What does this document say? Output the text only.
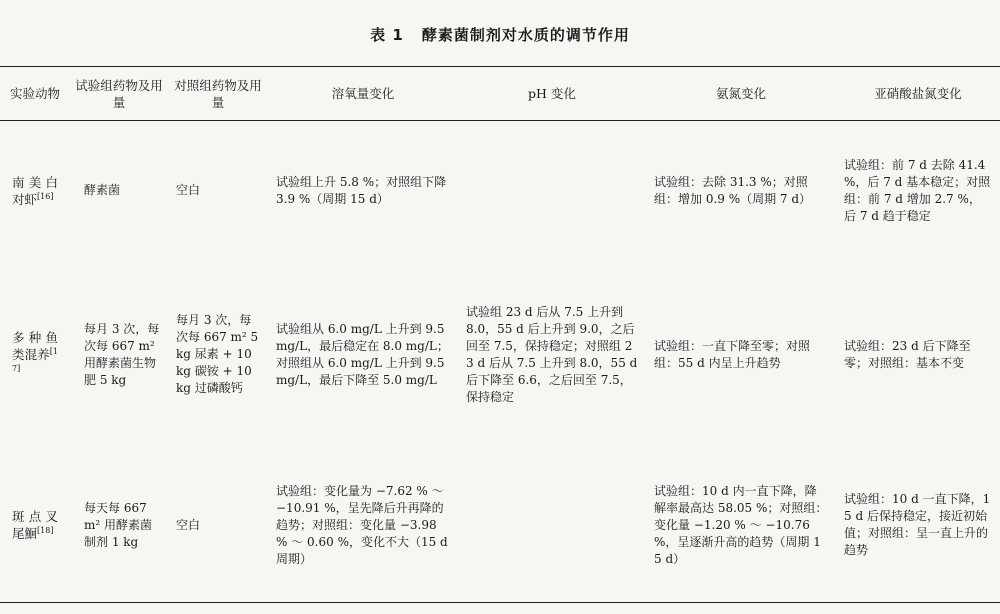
表 1 酵素菌制剂对水质的调节作用
实验动物	试验组药物及用量	对照组药物及用量	溶氧量变化	pH 变化	氨氮变化	亚硝酸盐氮变化
南美白对虾[16]	酵素菌	空白	试验组上升 5.8 %；对照组下降 3.9 %（周期 15 d）		试验组：去除 31.3 %；对照组：增加 0.9 %（周期 7 d）	试验组：前 7 d 去除 41.4 %，后 7 d 基本稳定；对照组：前 7 d 增加 2.7 %，后 7 d 趋于稳定
多种鱼类混养[17]	每月 3 次，每次每 667 m² 用酵素菌生物肥 5 kg	每月 3 次，每次每 667 m² 5 kg 尿素 + 10 kg 碳铵 + 10 kg 过磷酸钙	试验组从 6.0 mg/L 上升到 9.5 mg/L，最后稳定在 8.0 mg/L；对照组从 6.0 mg/L 上升到 9.5 mg/L，最后下降至 5.0 mg/L	试验组 23 d 后从 7.5 上升到 8.0，55 d 后上升到 9.0，之后回至 7.5，保持稳定；对照组 23 d 后从 7.5 上升到 8.0，55 d 后下降至 6.6，之后回至 7.5，保持稳定	试验组：一直下降至零；对照组：55 d 内呈上升趋势	试验组：23 d 后下降至零；对照组：基本不变
斑点叉尾鮰[18]	每天每 667 m² 用酵素菌制剂 1 kg	空白	试验组：变化量为 −7.62 % ～ −10.91 %，呈先降后升再降的趋势；对照组：变化量 −3.98 % ～ 0.60 %，变化不大（15 d 周期）		试验组：10 d 内一直下降，降解率最高达 58.05 %；对照组：变化量 −1.20 % ～ −10.76 %，呈逐渐升高的趋势（周期 15 d）	试验组：10 d 一直下降，15 d 后保持稳定，接近初始值；对照组：呈一直上升的趋势
